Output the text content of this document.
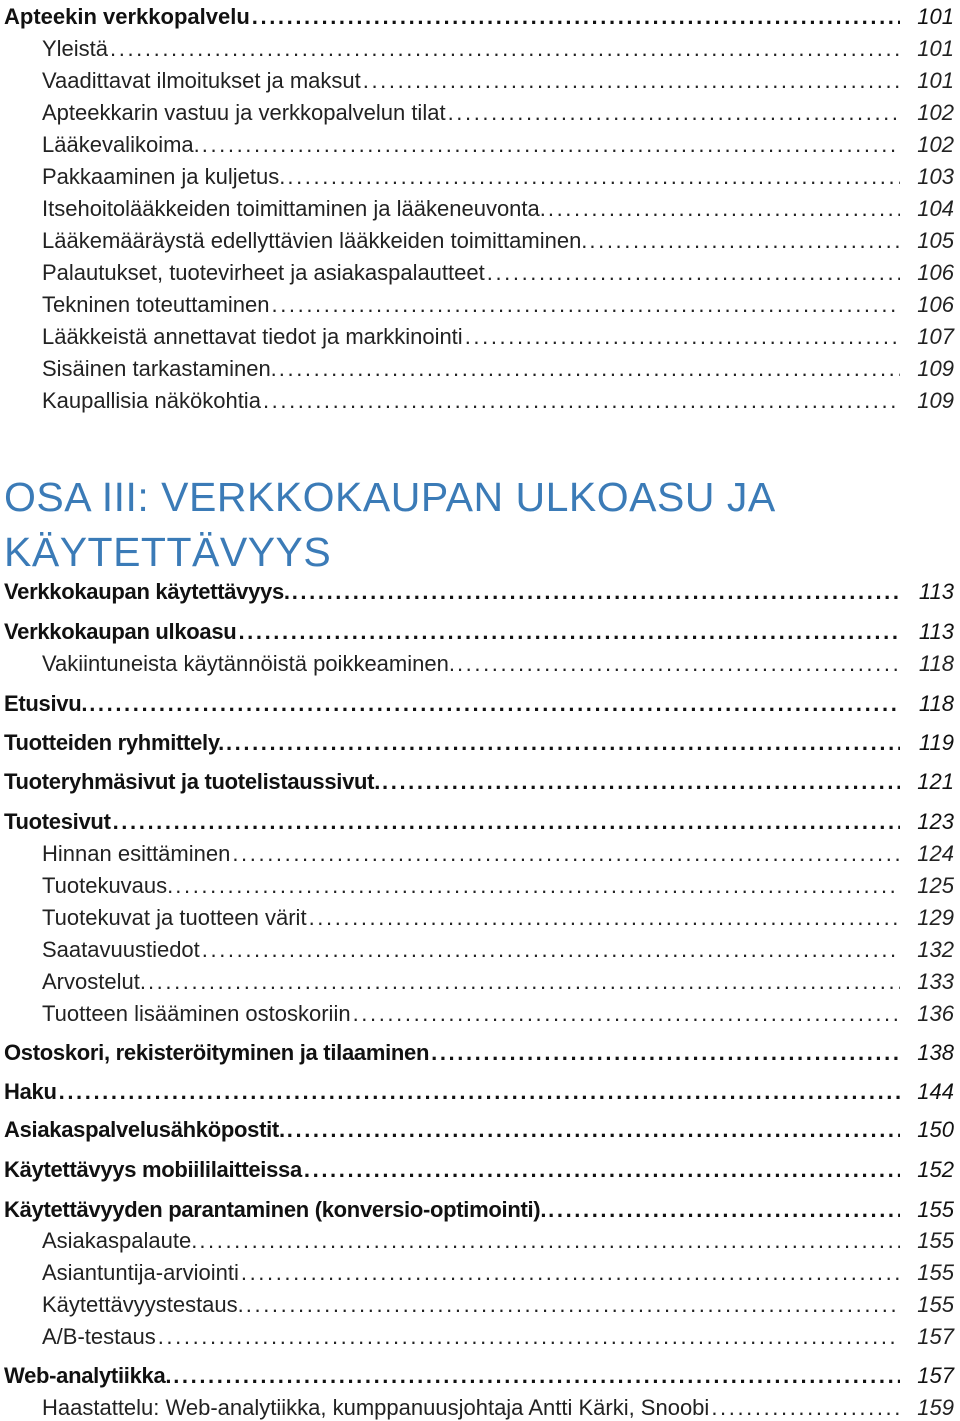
Apteekin verkkopalvelu .....	101
Yleistä .....	101
Vaadittavat ilmoitukset ja maksut .....	101
Apteekkarin vastuu ja verkkopalvelun tilat .....	102
Lääkevalikoima. .....	102
Pakkaaminen ja kuljetus. .....	103
Itsehoitolääkkeiden toimittaminen ja lääkeneuvonta. .....	104
Lääkemääräystä edellyttävien lääkkeiden toimittaminen. .....	105
Palautukset, tuotevirheet ja asiakaspalautteet .....	106
Tekninen toteuttaminen .....	106
Lääkkeistä annettavat tiedot ja markkinointi .....	107
Sisäinen tarkastaminen. .....	109
Kaupallisia näkökohtia .....	109
OSA III: VERKKOKAUPAN ULKOASU JA
KÄYTETTÄVYYS
Verkkokaupan käytettävyys. .....	113
Verkkokaupan ulkoasu .....	113
Vakiintuneista käytännöistä poikkeaminen. .....	118
Etusivu. .....	118
Tuotteiden ryhmittely. .....	119
Tuoteryhmäsivut ja tuotelistaussivut. .....	121
Tuotesivut .....	123
Hinnan esittäminen .....	124
Tuotekuvaus. .....	125
Tuotekuvat ja tuotteen värit .....	129
Saatavuustiedot .....	132
Arvostelut. .....	133
Tuotteen lisääminen ostoskoriin .....	136
Ostoskori, rekisteröityminen ja tilaaminen .....	138
Haku .....	144
Asiakaspalvelusähköpostit. .....	150
Käytettävyys mobiililaitteissa .....	152
Käytettävyyden parantaminen (konversio-optimointi). .....	155
Asiakaspalaute. .....	155
Asiantuntija-arviointi .....	155
Käytettävyystestaus. .....	155
A/B-testaus .....	157
Web-analytiikka. .....	157
Haastattelu: Web-analytiikka, kumppanuusjohtaja Antti Kärki, Snoobi .....	159
